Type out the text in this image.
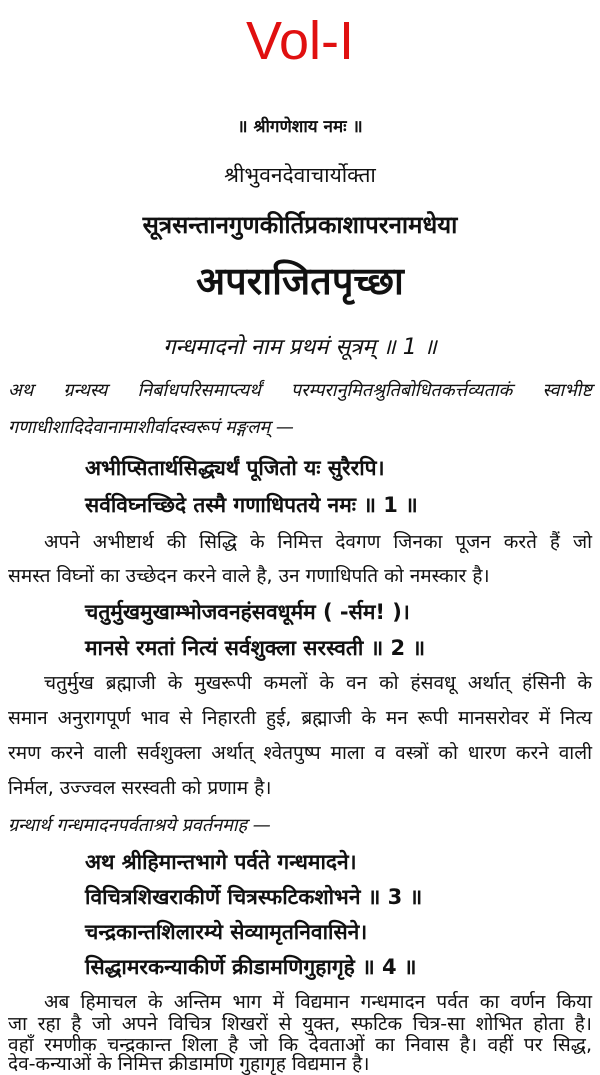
Vol-I
॥ श्रीगणेशाय नमः ॥
श्रीभुवनदेवाचार्योक्ता
सूत्रसन्तानगुणकीर्तिप्रकाशापरनामधेया
अपराजितपृच्छा
गन्धमादनो नाम प्रथमं सूत्रम् ॥ 1 ॥
अथ ग्रन्थस्य निर्बाधपरिसमाप्त्यर्थं परम्परानुमितश्रुतिबोधितकर्त्तव्यताकं स्वाभीष्ट
गणाधीशादिदेवानामाशीर्वादस्वरूपं मङ्गलम् —
अभीप्सितार्थसिद्ध्यर्थं पूजितो यः सुरैरपि।
सर्वविघ्नच्छिदे तस्मै गणाधिपतये नमः ॥ 1 ॥
अपने अभीष्टार्थ की सिद्धि के निमित्त देवगण जिनका पूजन करते हैं जो
समस्त विघ्नों का उच्छेदन करने वाले है, उन गणाधिपति को नमस्कार है।
चतुर्मुखमुखाम्भोजवनहंसवधूर्मम ( -र्सम! )।
मानसे रमतां नित्यं सर्वशुक्ला सरस्वती ॥ 2 ॥
चतुर्मुख ब्रह्माजी के मुखरूपी कमलों के वन को हंसवधू अर्थात् हंसिनी के
समान अनुरागपूर्ण भाव से निहारती हुई, ब्रह्माजी के मन रूपी मानसरोवर में नित्य
रमण करने वाली सर्वशुक्ला अर्थात् श्वेतपुष्प माला व वस्त्रों को धारण करने वाली
निर्मल, उज्ज्वल सरस्वती को प्रणाम है।
ग्रन्थार्थ गन्धमादनपर्वताश्रये प्रवर्तनमाह —
अथ श्रीहिमान्तभागे पर्वते गन्धमादने।
विचित्रशिखराकीर्णे चित्रस्फटिकशोभने ॥ 3 ॥
चन्द्रकान्तशिलारम्ये सेव्यामृतनिवासिने।
सिद्धामरकन्याकीर्णे क्रीडामणिगुहागृहे ॥ 4 ॥
अब हिमाचल के अन्तिम भाग में विद्यमान गन्धमादन पर्वत का वर्णन किया
जा रहा है जो अपने विचित्र शिखरों से युक्त, स्फटिक चित्र-सा शोभित होता है।
वहाँ रमणीक चन्द्रकान्त शिला है जो कि देवताओं का निवास है। वहीं पर सिद्ध,
देव-कन्याओं के निमित्त क्रीडामणि गुहागृह विद्यमान है।
